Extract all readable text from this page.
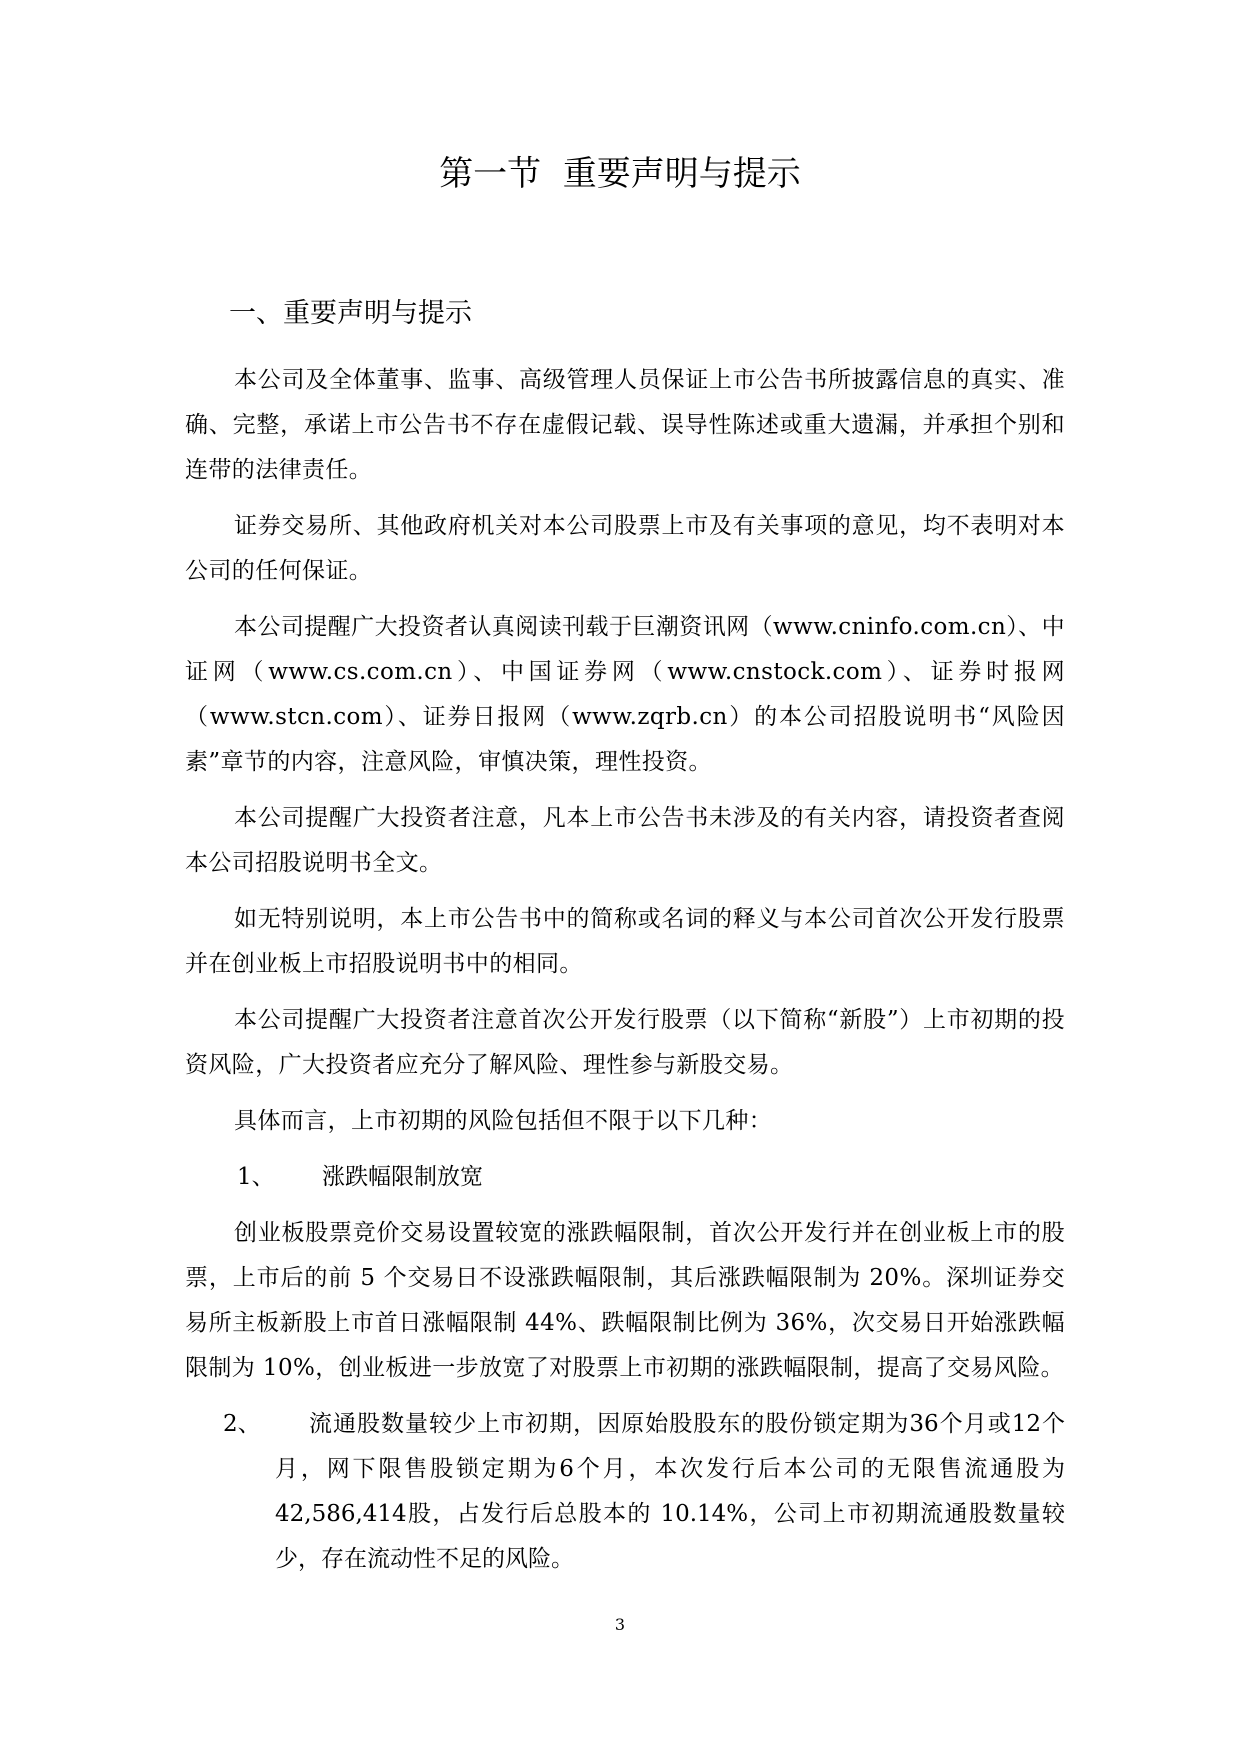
第一节  重要声明与提示
一、重要声明与提示

本公司及全体董事、监事、高级管理人员保证上市公告书所披露信息的真实、准确、完整，承诺上市公告书不存在虚假记载、误导性陈述或重大遗漏，并承担个别和连带的法律责任。

证券交易所、其他政府机关对本公司股票上市及有关事项的意见，均不表明对本公司的任何保证。

本公司提醒广大投资者认真阅读刊载于巨潮资讯网（www.cninfo.com.cn）、中证网（www.cs.com.cn）、中国证券网（www.cnstock.com）、证券时报网（www.stcn.com）、证券日报网（www.zqrb.cn）的本公司招股说明书“风险因素”章节的内容，注意风险，审慎决策，理性投资。

本公司提醒广大投资者注意，凡本上市公告书未涉及的有关内容，请投资者查阅本公司招股说明书全文。

如无特别说明，本上市公告书中的简称或名词的释义与本公司首次公开发行股票并在创业板上市招股说明书中的相同。

本公司提醒广大投资者注意首次公开发行股票（以下简称“新股”）上市初期的投资风险，广大投资者应充分了解风险、理性参与新股交易。

具体而言，上市初期的风险包括但不限于以下几种：

1、 涨跌幅限制放宽

创业板股票竞价交易设置较宽的涨跌幅限制，首次公开发行并在创业板上市的股票，上市后的前 5 个交易日不设涨跌幅限制，其后涨跌幅限制为 20%。深圳证券交易所主板新股上市首日涨幅限制 44%、跌幅限制比例为 36%，次交易日开始涨跌幅限制为 10%，创业板进一步放宽了对股票上市初期的涨跌幅限制，提高了交易风险。

2、 流通股数量较少上市初期，因原始股股东的股份锁定期为36个月或12个月，网下限售股锁定期为6个月，本次发行后本公司的无限售流通股为42,586,414股，占发行后总股本的 10.14%，公司上市初期流通股数量较少，存在流动性不足的风险。

3
